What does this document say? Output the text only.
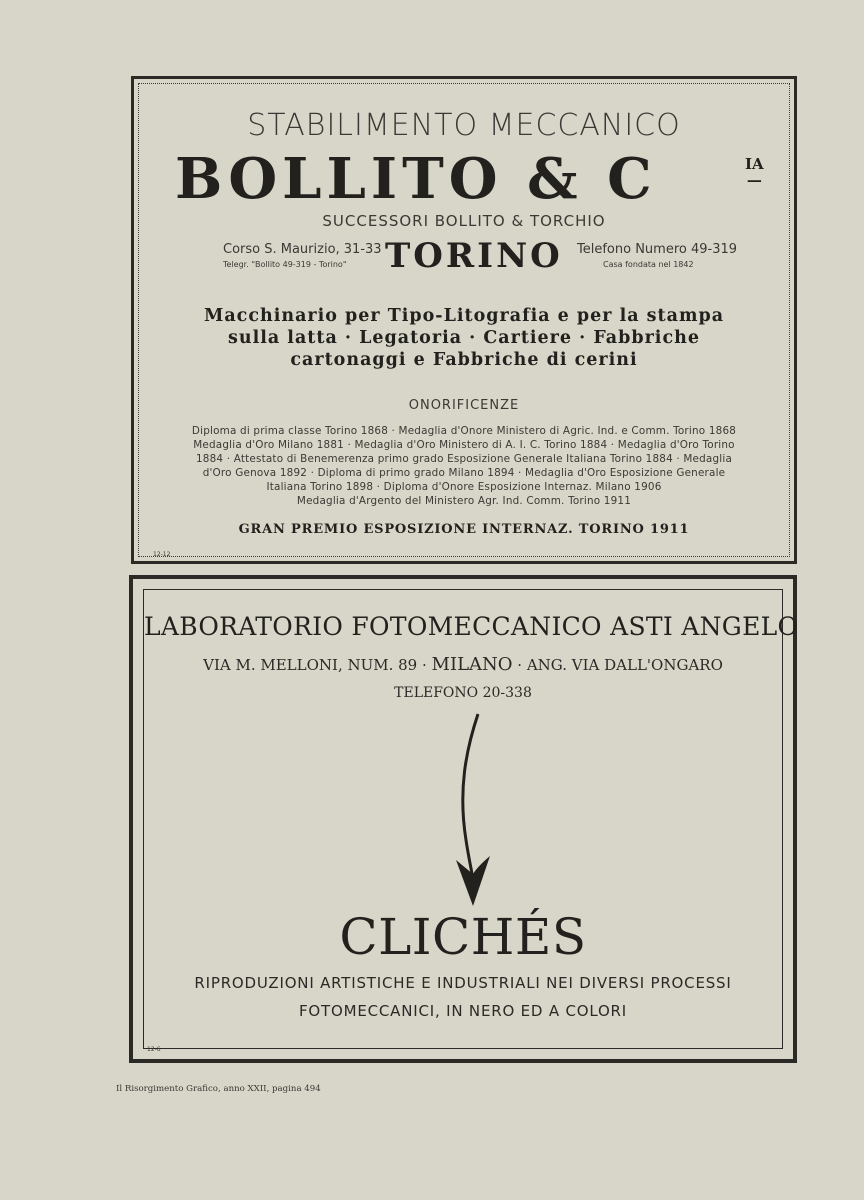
STABILIMENTO MECCANICO
BOLLITO & C	IA
—
SUCCESSORI BOLLITO & TORCHIO
Corso S. Maurizio, 31-33
Telegr. "Bollito 49-319 - Torino" TORINO Telefono Numero 49-319
Casa fondata nel 1842
Macchinario per Tipo-Litografia e per la stampa
sulla latta · Legatoria · Cartiere · Fabbriche
cartonaggi e Fabbriche di cerini
ONORIFICENZE
Diploma di prima classe Torino 1868 · Medaglia d'Onore Ministero di Agric. Ind. e Comm. Torino 1868
Medaglia d'Oro Milano 1881 · Medaglia d'Oro Ministero di A. I. C. Torino 1884 · Medaglia d'Oro Torino
1884 · Attestato di Benemerenza primo grado Esposizione Generale Italiana Torino 1884 · Medaglia
d'Oro Genova 1892 · Diploma di primo grado Milano 1894 · Medaglia d'Oro Esposizione Generale
Italiana Torino 1898 · Diploma d'Onore Esposizione Internaz. Milano 1906
Medaglia d'Argento del Ministero Agr. Ind. Comm. Torino 1911
GRAN PREMIO ESPOSIZIONE INTERNAZ. TORINO 1911
12-12
LABORATORIO FOTOMECCANICO ASTI ANGELO
VIA M. MELLONI, NUM. 89 · MILANO · ANG. VIA DALL'ONGARO
TELEFONO 20-338
CLICHÉS
RIPRODUZIONI ARTISTICHE E INDUSTRIALI NEI DIVERSI PROCESSI
FOTOMECCANICI, IN NERO ED A COLORI
12-6
Il Risorgimento Grafico, anno XXII, pagina 494
